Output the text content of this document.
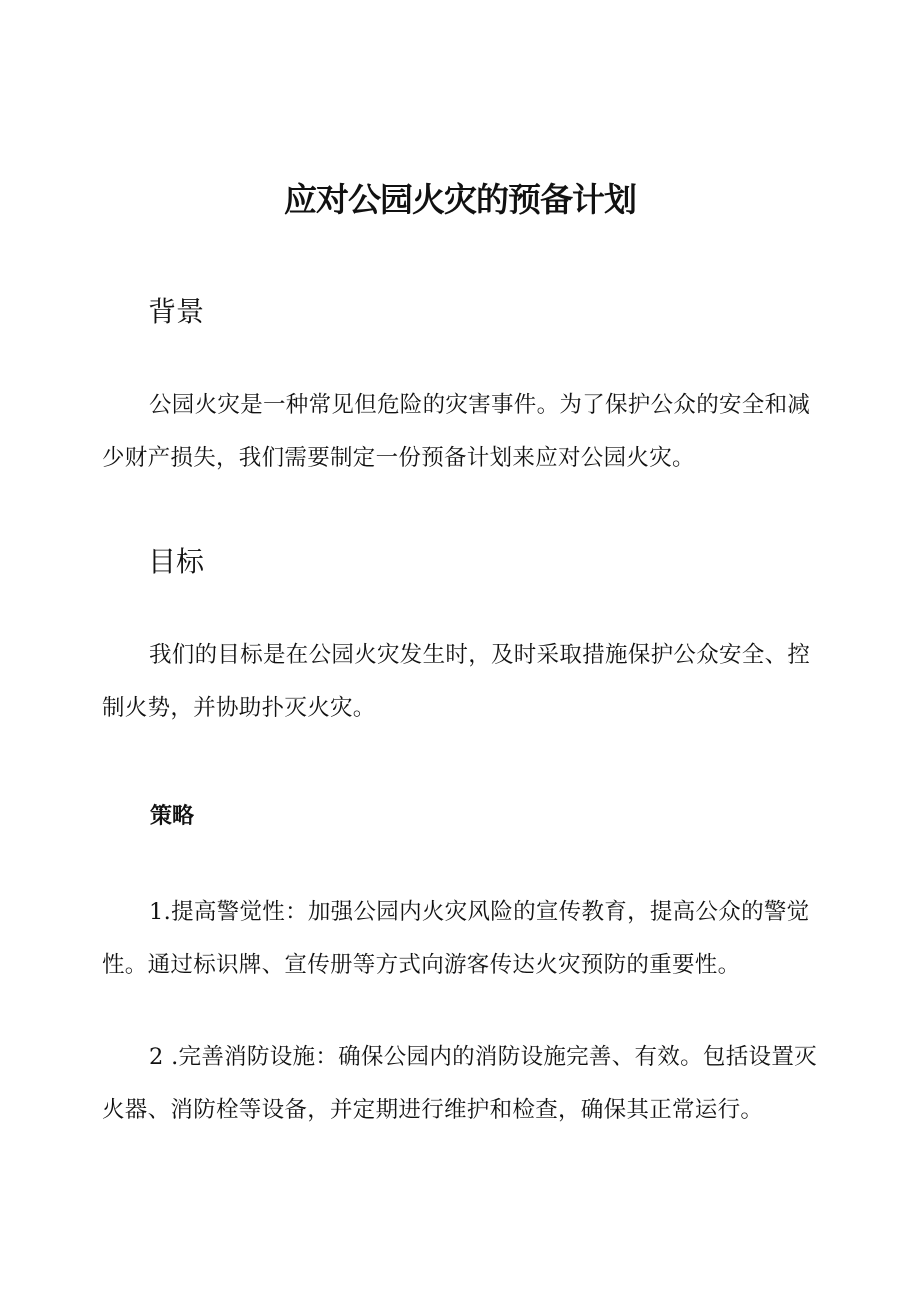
应对公园火灾的预备计划
背景

公园火灾是一种常见但危险的灾害事件。为了保护公众的安全和减少财产损失，我们需要制定一份预备计划来应对公园火灾。

目标

我们的目标是在公园火灾发生时，及时采取措施保护公众安全、控制火势，并协助扑灭火灾。

策略

1.提高警觉性：加强公园内火灾风险的宣传教育，提高公众的警觉性。通过标识牌、宣传册等方式向游客传达火灾预防的重要性。

2 .完善消防设施：确保公园内的消防设施完善、有效。包括设置灭火器、消防栓等设备，并定期进行维护和检查，确保其正常运行。
